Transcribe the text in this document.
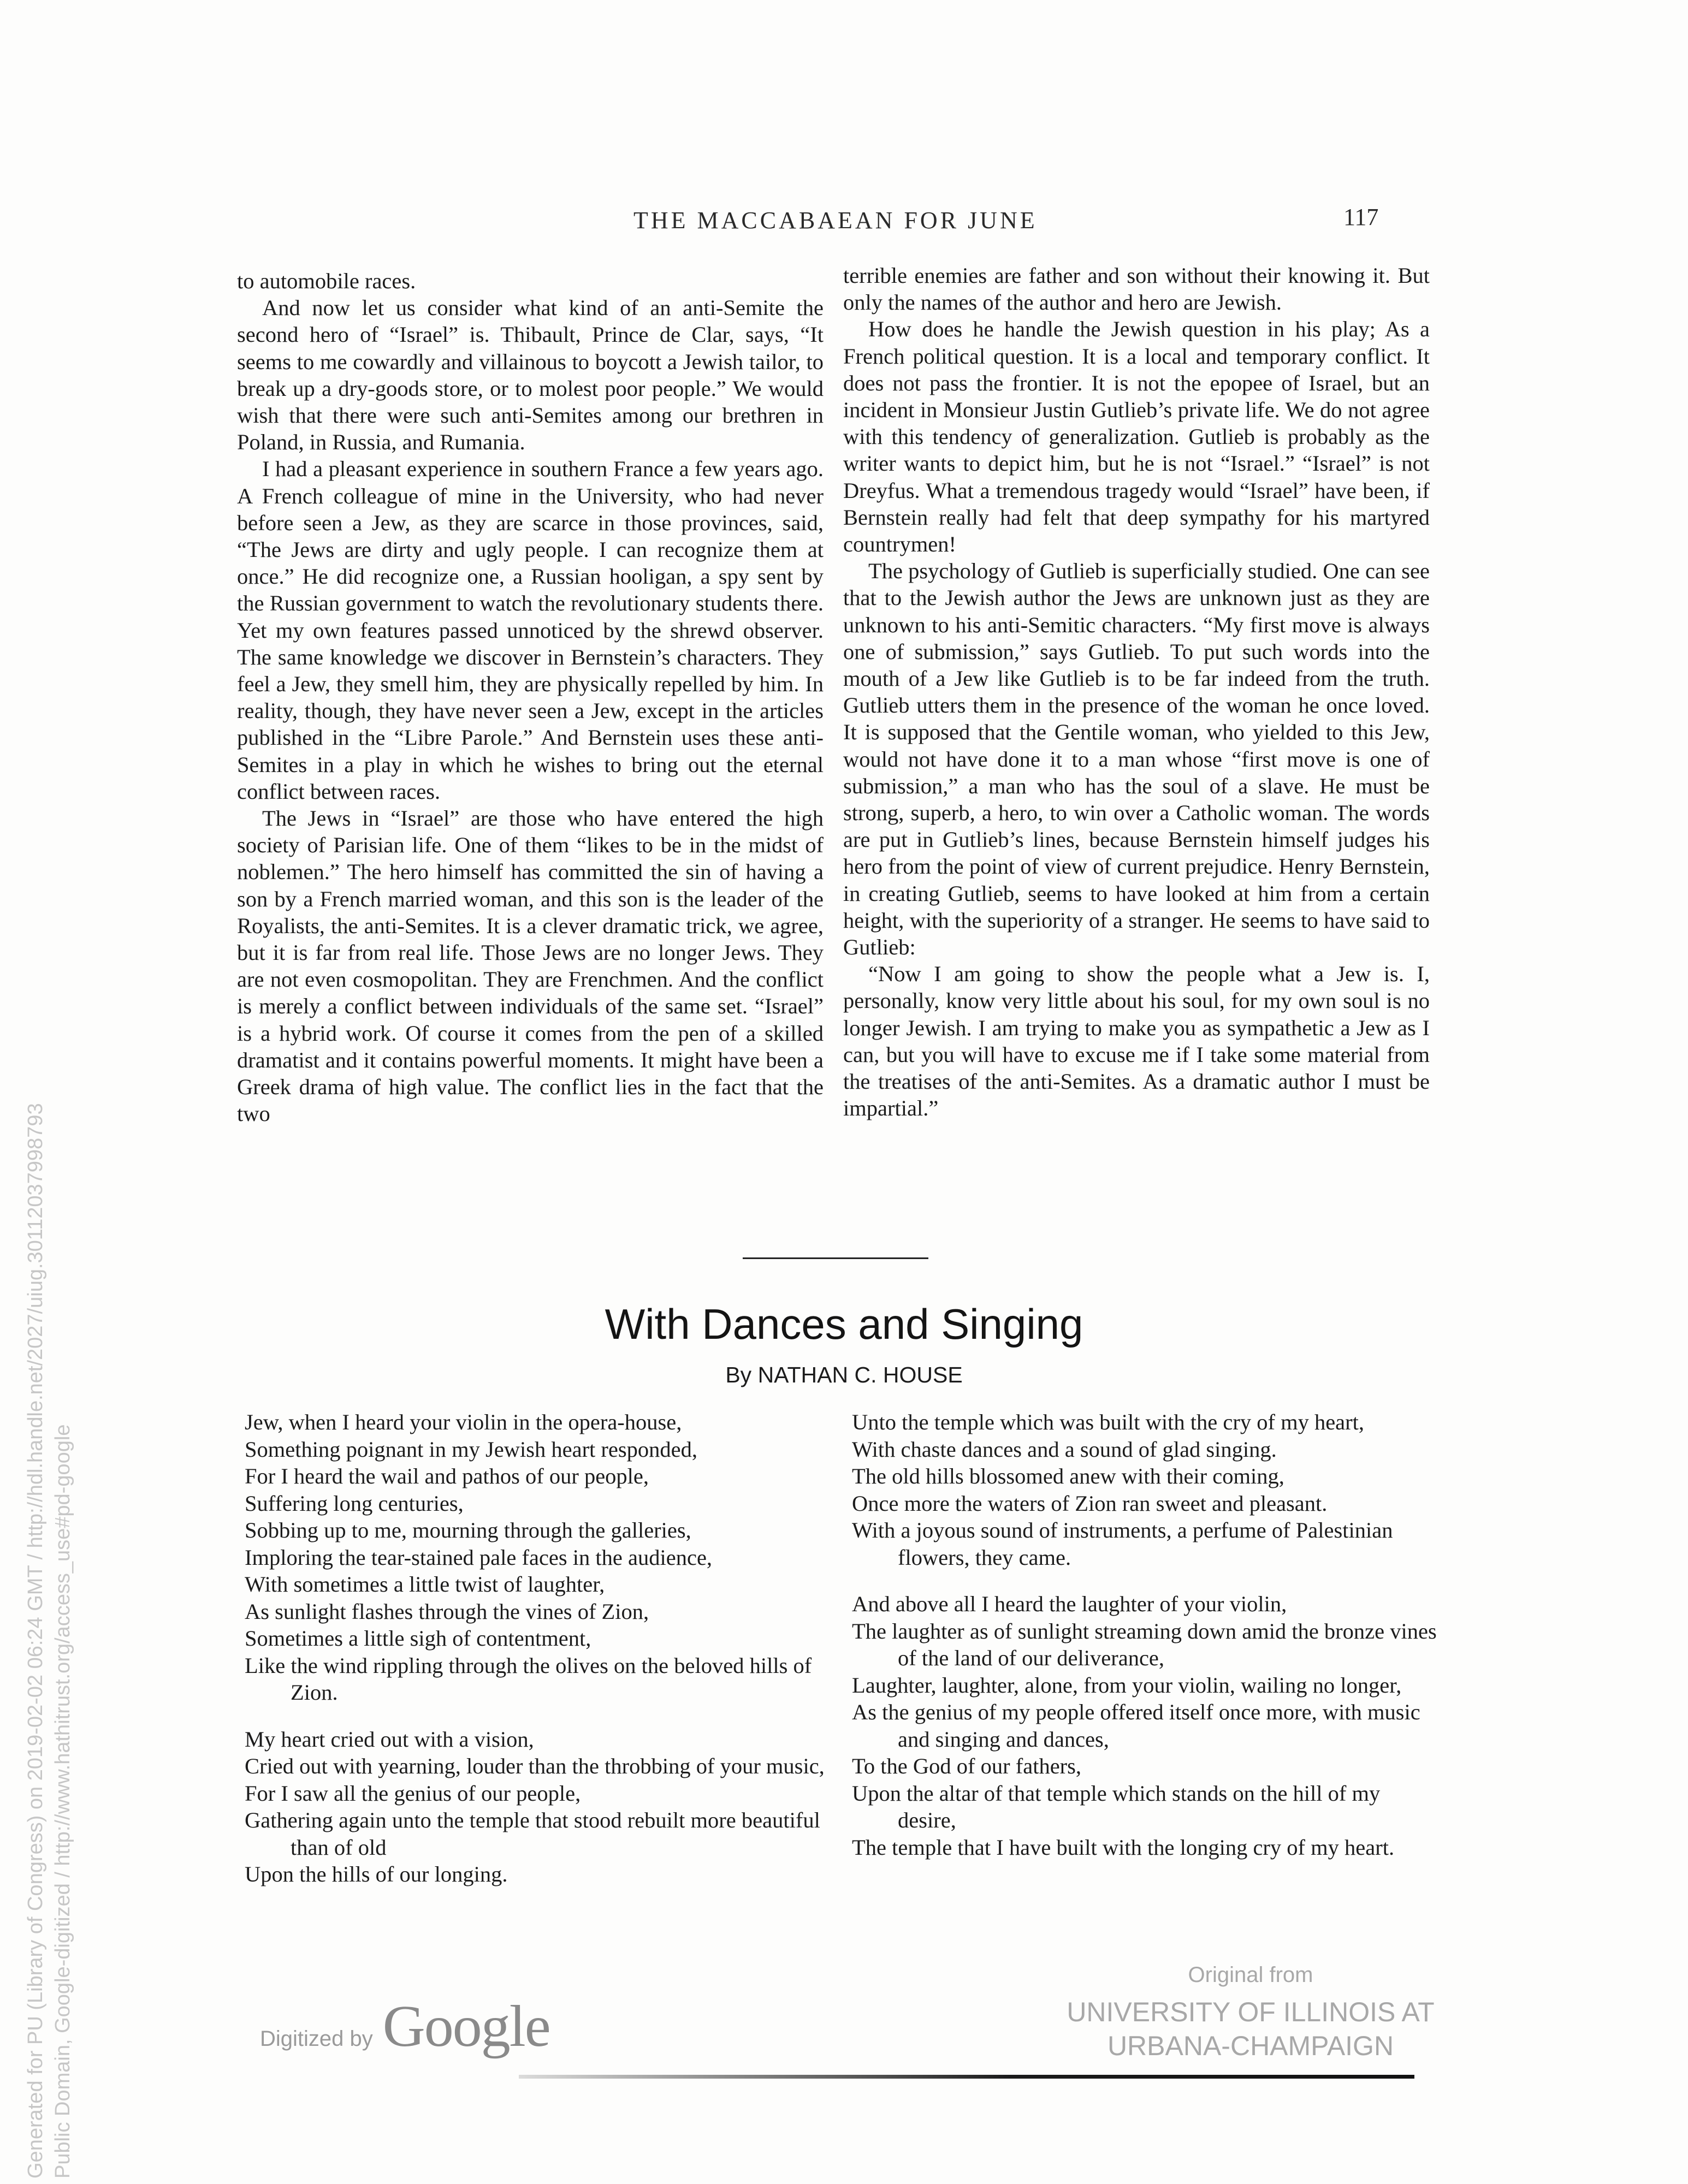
THE MACCABAEAN FOR JUNE	117

to automobile races.

And now let us consider what kind of an anti-Semite the second hero of “Israel” is. Thibault, Prince de Clar, says, “It seems to me cowardly and villainous to boycott a Jewish tailor, to break up a dry-goods store, or to molest poor people.” We would wish that there were such anti-Semites among our brethren in Poland, in Russia, and Rumania.

I had a pleasant experience in southern France a few years ago. A French colleague of mine in the University, who had never before seen a Jew, as they are scarce in those provinces, said, “The Jews are dirty and ugly people. I can recognize them at once.” He did recognize one, a Russian hooligan, a spy sent by the Russian government to watch the revolutionary students there. Yet my own features passed unnoticed by the shrewd observer. The same knowledge we discover in Bernstein’s characters. They feel a Jew, they smell him, they are physically repelled by him. In reality, though, they have never seen a Jew, except in the articles published in the “Libre Parole.” And Bernstein uses these anti-Semites in a play in which he wishes to bring out the eternal conflict between races.

The Jews in “Israel” are those who have entered the high society of Parisian life. One of them “likes to be in the midst of noblemen.” The hero himself has committed the sin of having a son by a French married woman, and this son is the leader of the Royalists, the anti-Semites. It is a clever dramatic trick, we agree, but it is far from real life. Those Jews are no longer Jews. They are not even cosmopolitan. They are Frenchmen. And the conflict is merely a conflict between individuals of the same set. “Israel” is a hybrid work. Of course it comes from the pen of a skilled dramatist and it contains powerful moments. It might have been a Greek drama of high value. The conflict lies in the fact that the two

terrible enemies are father and son without their knowing it. But only the names of the author and hero are Jewish.

How does he handle the Jewish question in his play; As a French political question. It is a local and temporary conflict. It does not pass the frontier. It is not the epopee of Israel, but an incident in Monsieur Justin Gutlieb’s private life. We do not agree with this tendency of generalization. Gutlieb is probably as the writer wants to depict him, but he is not “Israel.” “Israel” is not Dreyfus. What a tremendous tragedy would “Israel” have been, if Bernstein really had felt that deep sympathy for his martyred countrymen!

The psychology of Gutlieb is superficially studied. One can see that to the Jewish author the Jews are unknown just as they are unknown to his anti-Semitic characters. “My first move is always one of submission,” says Gutlieb. To put such words into the mouth of a Jew like Gutlieb is to be far indeed from the truth. Gutlieb utters them in the presence of the woman he once loved. It is supposed that the Gentile woman, who yielded to this Jew, would not have done it to a man whose “first move is one of submission,” a man who has the soul of a slave. He must be strong, superb, a hero, to win over a Catholic woman. The words are put in Gutlieb’s lines, because Bernstein himself judges his hero from the point of view of current prejudice. Henry Bernstein, in creating Gutlieb, seems to have looked at him from a certain height, with the superiority of a stranger. He seems to have said to Gutlieb:

“Now I am going to show the people what a Jew is. I, personally, know very little about his soul, for my own soul is no longer Jewish. I am trying to make you as sympathetic a Jew as I can, but you will have to excuse me if I take some material from the treatises of the anti-Semites. As a dramatic author I must be impartial.”

With Dances and Singing
By NATHAN C. HOUSE
Jew, when I heard your violin in the opera-house,
Something poignant in my Jewish heart responded,
For I heard the wail and pathos of our people,
Suffering long centuries,
Sobbing up to me, mourning through the galleries,
Imploring the tear-stained pale faces in the audience,
With sometimes a little twist of laughter,
As sunlight flashes through the vines of Zion,
Sometimes a little sigh of contentment,
Like the wind rippling through the olives on the beloved hills of Zion.
My heart cried out with a vision,
Cried out with yearning, louder than the throbbing of your music,
For I saw all the genius of our people,
Gathering again unto the temple that stood rebuilt more beautiful than of old
Upon the hills of our longing.
Unto the temple which was built with the cry of my heart,
With chaste dances and a sound of glad singing.
The old hills blossomed anew with their coming,
Once more the waters of Zion ran sweet and pleasant.
With a joyous sound of instruments, a perfume of Palestinian flowers, they came.
And above all I heard the laughter of your violin,
The laughter as of sunlight streaming down amid the bronze vines of the land of our deliverance,
Laughter, laughter, alone, from your violin, wailing no longer,
As the genius of my people offered itself once more, with music and singing and dances,
To the God of our fathers,
Upon the altar of that temple which stands on the hill of my desire,
The temple that I have built with the longing cry of my heart.
Digitized by Google
Original from
UNIVERSITY OF ILLINOIS AT
URBANA-CHAMPAIGN
Generated for PU (Library of Congress) on 2019-02-02 06:24 GMT / http://hdl.handle.net/2027/uiug.30112037998793 Public Domain, Google-digitized / http://www.hathitrust.org/access_use#pd-google
